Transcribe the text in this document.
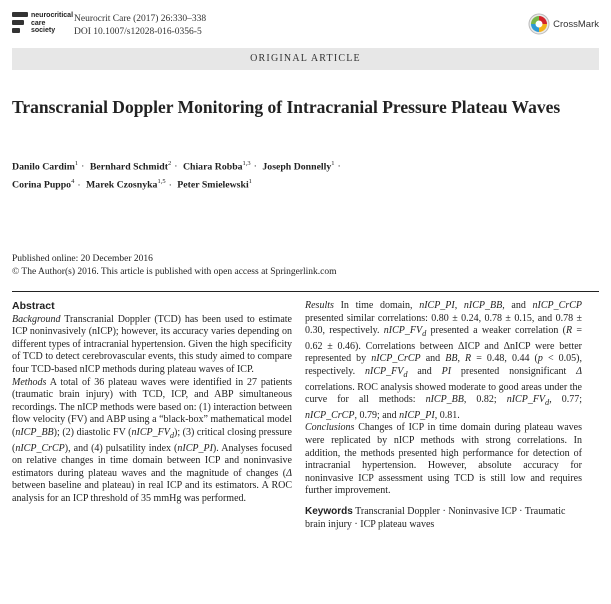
neurocritical
care
society
Neurocrit Care (2017) 26:330–338
DOI 10.1007/s12028-016-0356-5
CrossMark
ORIGINAL ARTICLE
Transcranial Doppler Monitoring of Intracranial Pressure Plateau Waves
Danilo Cardim$^1$ · Bernhard Schmidt$^2$ · Chiara Robba$^{1,3}$ · Joseph Donnelly$^1$ ·
Corina Puppo$^4$ · Marek Czosnyka$^{1,5}$ · Peter Smielewski$^1$
Published online: 20 December 2016
© The Author(s) 2016. This article is published with open access at Springerlink.com
Abstract

Background Transcranial Doppler (TCD) has been used to estimate ICP noninvasively (nICP); however, its accuracy varies depending on different types of intracranial hypertension. Given the high specificity of TCD to detect cerebrovascular events, this study aimed to compare four TCD-based nICP methods during plateau waves of ICP.

Methods A total of 36 plateau waves were identified in 27 patients (traumatic brain injury) with TCD, ICP, and ABP simultaneous recordings. The nICP methods were based on: (1) interaction between flow velocity (FV) and ABP using a “black-box” mathematical model (nICP_BB); (2) diastolic FV $(nICP\_FV_d)$; (3) critical closing pressure (nICP_CrCP), and (4) pulsatility index (nICP_PI). Analyses focused on relative changes in time domain between ICP and noninvasive estimators during plateau waves and the magnitude of changes (Δ between baseline and plateau) in real ICP and its estimators. A ROC analysis for an ICP threshold of 35 mmHg was performed.

Results In time domain, nICP_PI, nICP_BB, and nICP_CrCP presented similar correlations: 0.80 ± 0.24, 0.78 ± 0.15, and 0.78 ± 0.30, respectively. $nICP\_FV_d$ presented a weaker correlation (R = 0.62 ± 0.46). Correlations between ΔICP and ΔnICP were better represented by nICP_CrCP and BB, R = 0.48, 0.44 (p < 0.05), respectively. $nICP\_FV_d$ and PI presented nonsignificant Δ correlations. ROC analysis showed moderate to good areas under the curve for all methods: nICP_BB, 0.82; $nICP\_FV_d$, 0.77; nICP_CrCP, 0.79; and nICP_PI, 0.81.

Conclusions Changes of ICP in time domain during plateau waves were replicated by nICP methods with strong correlations. In addition, the methods presented high performance for detection of intracranial hypertension. However, absolute accuracy for noninvasive ICP assessment using TCD is still low and requires further improvement.

Keywords Transcranial Doppler · Noninvasive ICP · Traumatic brain injury · ICP plateau waves
